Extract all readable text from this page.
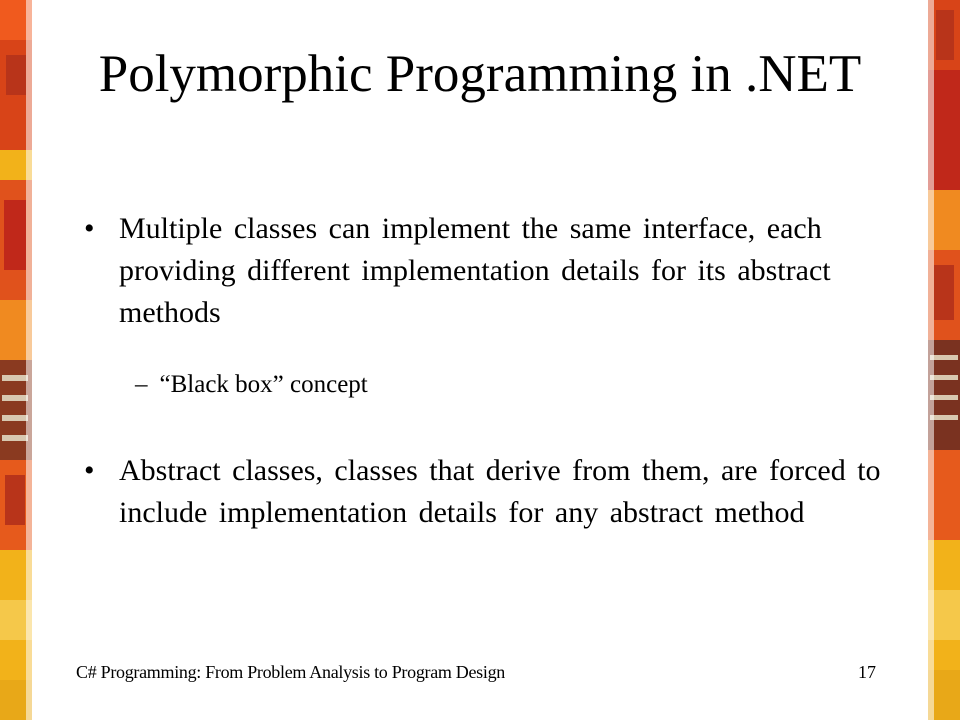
Polymorphic Programming in .NET
• Multiple classes can implement the same interface, each providing different implementation details for its abstract methods
– “Black box” concept
• Abstract classes, classes that derive from them, are forced to include implementation details for any abstract method
C# Programming: From Problem Analysis to Program Design	17
